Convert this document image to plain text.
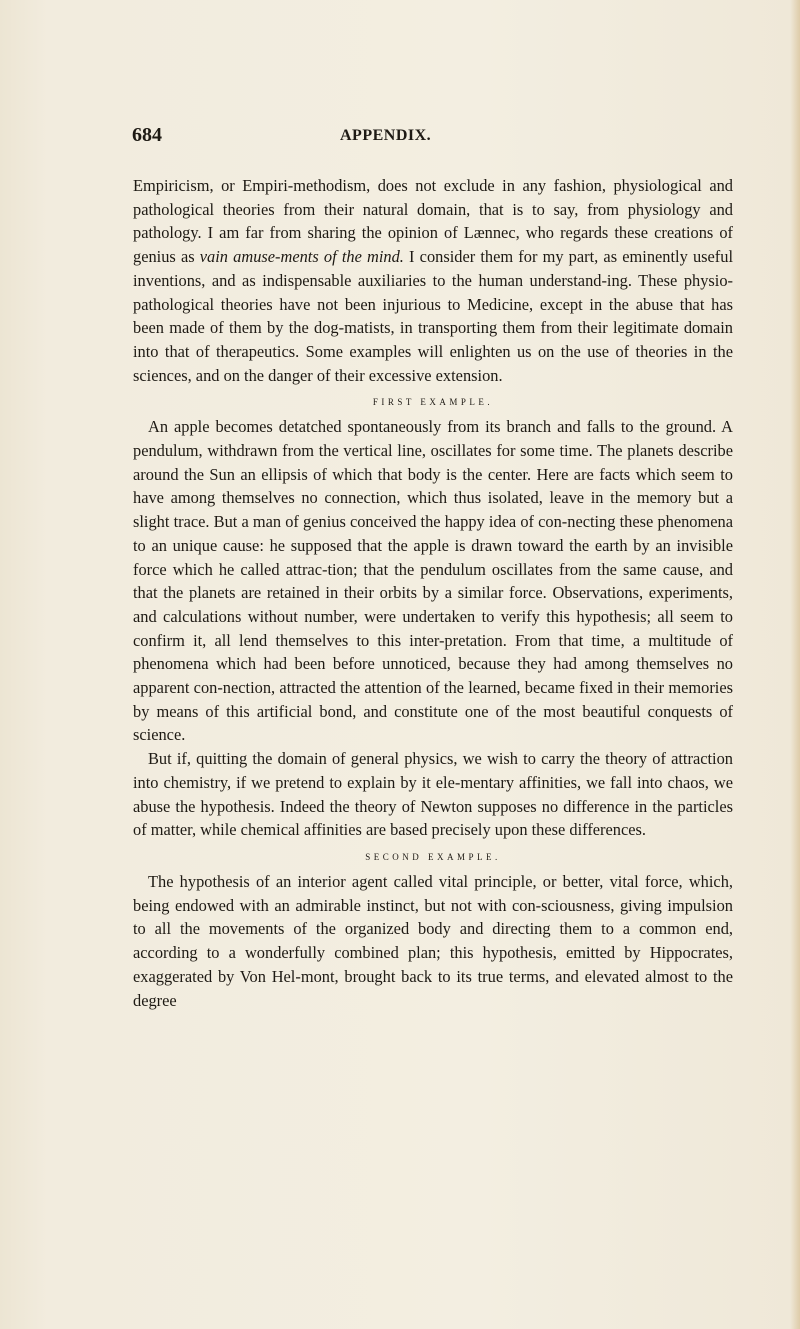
684	APPENDIX.

Empiricism, or Empiri-methodism, does not exclude in any fashion, physiological and pathological theories from their natural domain, that is to say, from physiology and pathology. I am far from sharing the opinion of Lænnec, who regards these creations of genius as vain amuse-ments of the mind. I consider them for my part, as eminently useful inventions, and as indispensable auxiliaries to the human understand-ing. These physio-pathological theories have not been injurious to Medicine, except in the abuse that has been made of them by the dog-matists, in transporting them from their legitimate domain into that of therapeutics. Some examples will enlighten us on the use of theories in the sciences, and on the danger of their excessive extension.

FIRST EXAMPLE.

An apple becomes detatched spontaneously from its branch and falls to the ground. A pendulum, withdrawn from the vertical line, oscillates for some time. The planets describe around the Sun an ellipsis of which that body is the center. Here are facts which seem to have among themselves no connection, which thus isolated, leave in the memory but a slight trace. But a man of genius conceived the happy idea of con-necting these phenomena to an unique cause: he supposed that the apple is drawn toward the earth by an invisible force which he called attrac-tion; that the pendulum oscillates from the same cause, and that the planets are retained in their orbits by a similar force. Observations, experiments, and calculations without number, were undertaken to verify this hypothesis; all seem to confirm it, all lend themselves to this inter-pretation. From that time, a multitude of phenomena which had been before unnoticed, because they had among themselves no apparent con-nection, attracted the attention of the learned, became fixed in their memories by means of this artificial bond, and constitute one of the most beautiful conquests of science.

But if, quitting the domain of general physics, we wish to carry the theory of attraction into chemistry, if we pretend to explain by it ele-mentary affinities, we fall into chaos, we abuse the hypothesis. Indeed the theory of Newton supposes no difference in the particles of matter, while chemical affinities are based precisely upon these differences.

SECOND EXAMPLE.

The hypothesis of an interior agent called vital principle, or better, vital force, which, being endowed with an admirable instinct, but not with con-sciousness, giving impulsion to all the movements of the organized body and directing them to a common end, according to a wonderfully combined plan; this hypothesis, emitted by Hippocrates, exaggerated by Von Hel-mont, brought back to its true terms, and elevated almost to the degree
